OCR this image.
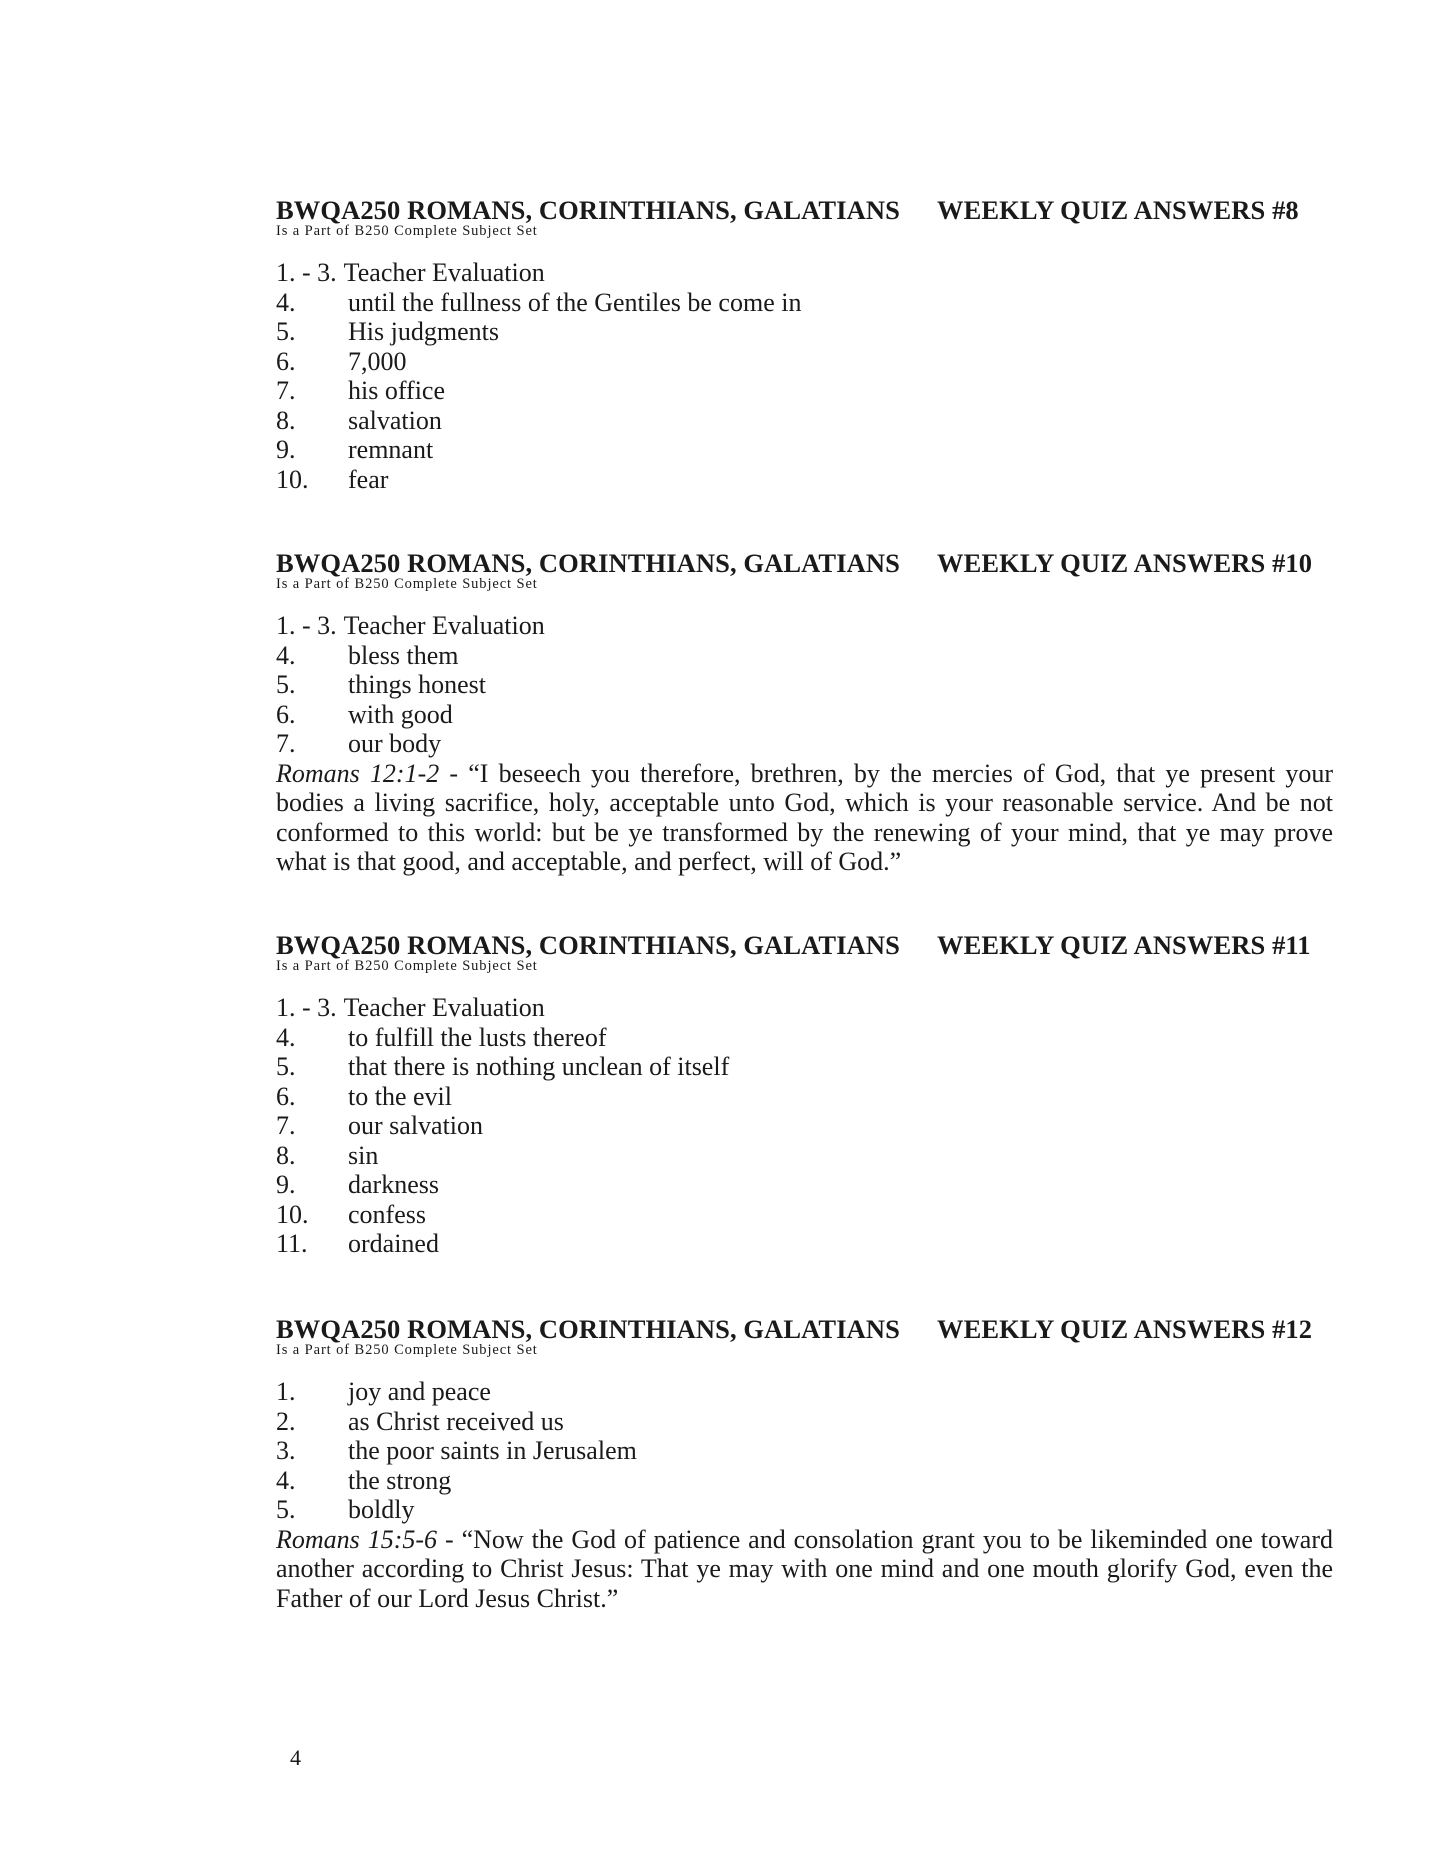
BWQA250 ROMANS, CORINTHIANS, GALATIANS WEEKLY QUIZ ANSWERS #8
Is a Part of B250 Complete Subject Set
1. - 3. Teacher Evaluation
4. until the fullness of the Gentiles be come in
5. His judgments
6. 7,000
7. his office
8. salvation
9. remnant
10. fear
BWQA250 ROMANS, CORINTHIANS, GALATIANS WEEKLY QUIZ ANSWERS #10
Is a Part of B250 Complete Subject Set
1. - 3. Teacher Evaluation
4. bless them
5. things honest
6. with good
7. our body
Romans 12:1-2 - “I beseech you therefore, brethren, by the mercies of God, that ye present your bodies a living sacrifice, holy, acceptable unto God, which is your reasonable service. And be not conformed to this world: but be ye transformed by the renewing of your mind, that ye may prove what is that good, and acceptable, and perfect, will of God.”
BWQA250 ROMANS, CORINTHIANS, GALATIANS WEEKLY QUIZ ANSWERS #11
Is a Part of B250 Complete Subject Set
1. - 3. Teacher Evaluation
4. to fulfill the lusts thereof
5. that there is nothing unclean of itself
6. to the evil
7. our salvation
8. sin
9. darkness
10. confess
11. ordained
BWQA250 ROMANS, CORINTHIANS, GALATIANS WEEKLY QUIZ ANSWERS #12
Is a Part of B250 Complete Subject Set
1. joy and peace
2. as Christ received us
3. the poor saints in Jerusalem
4. the strong
5. boldly
Romans 15:5-6 - “Now the God of patience and consolation grant you to be likeminded one toward another according to Christ Jesus: That ye may with one mind and one mouth glorify God, even the Father of our Lord Jesus Christ.”
4
